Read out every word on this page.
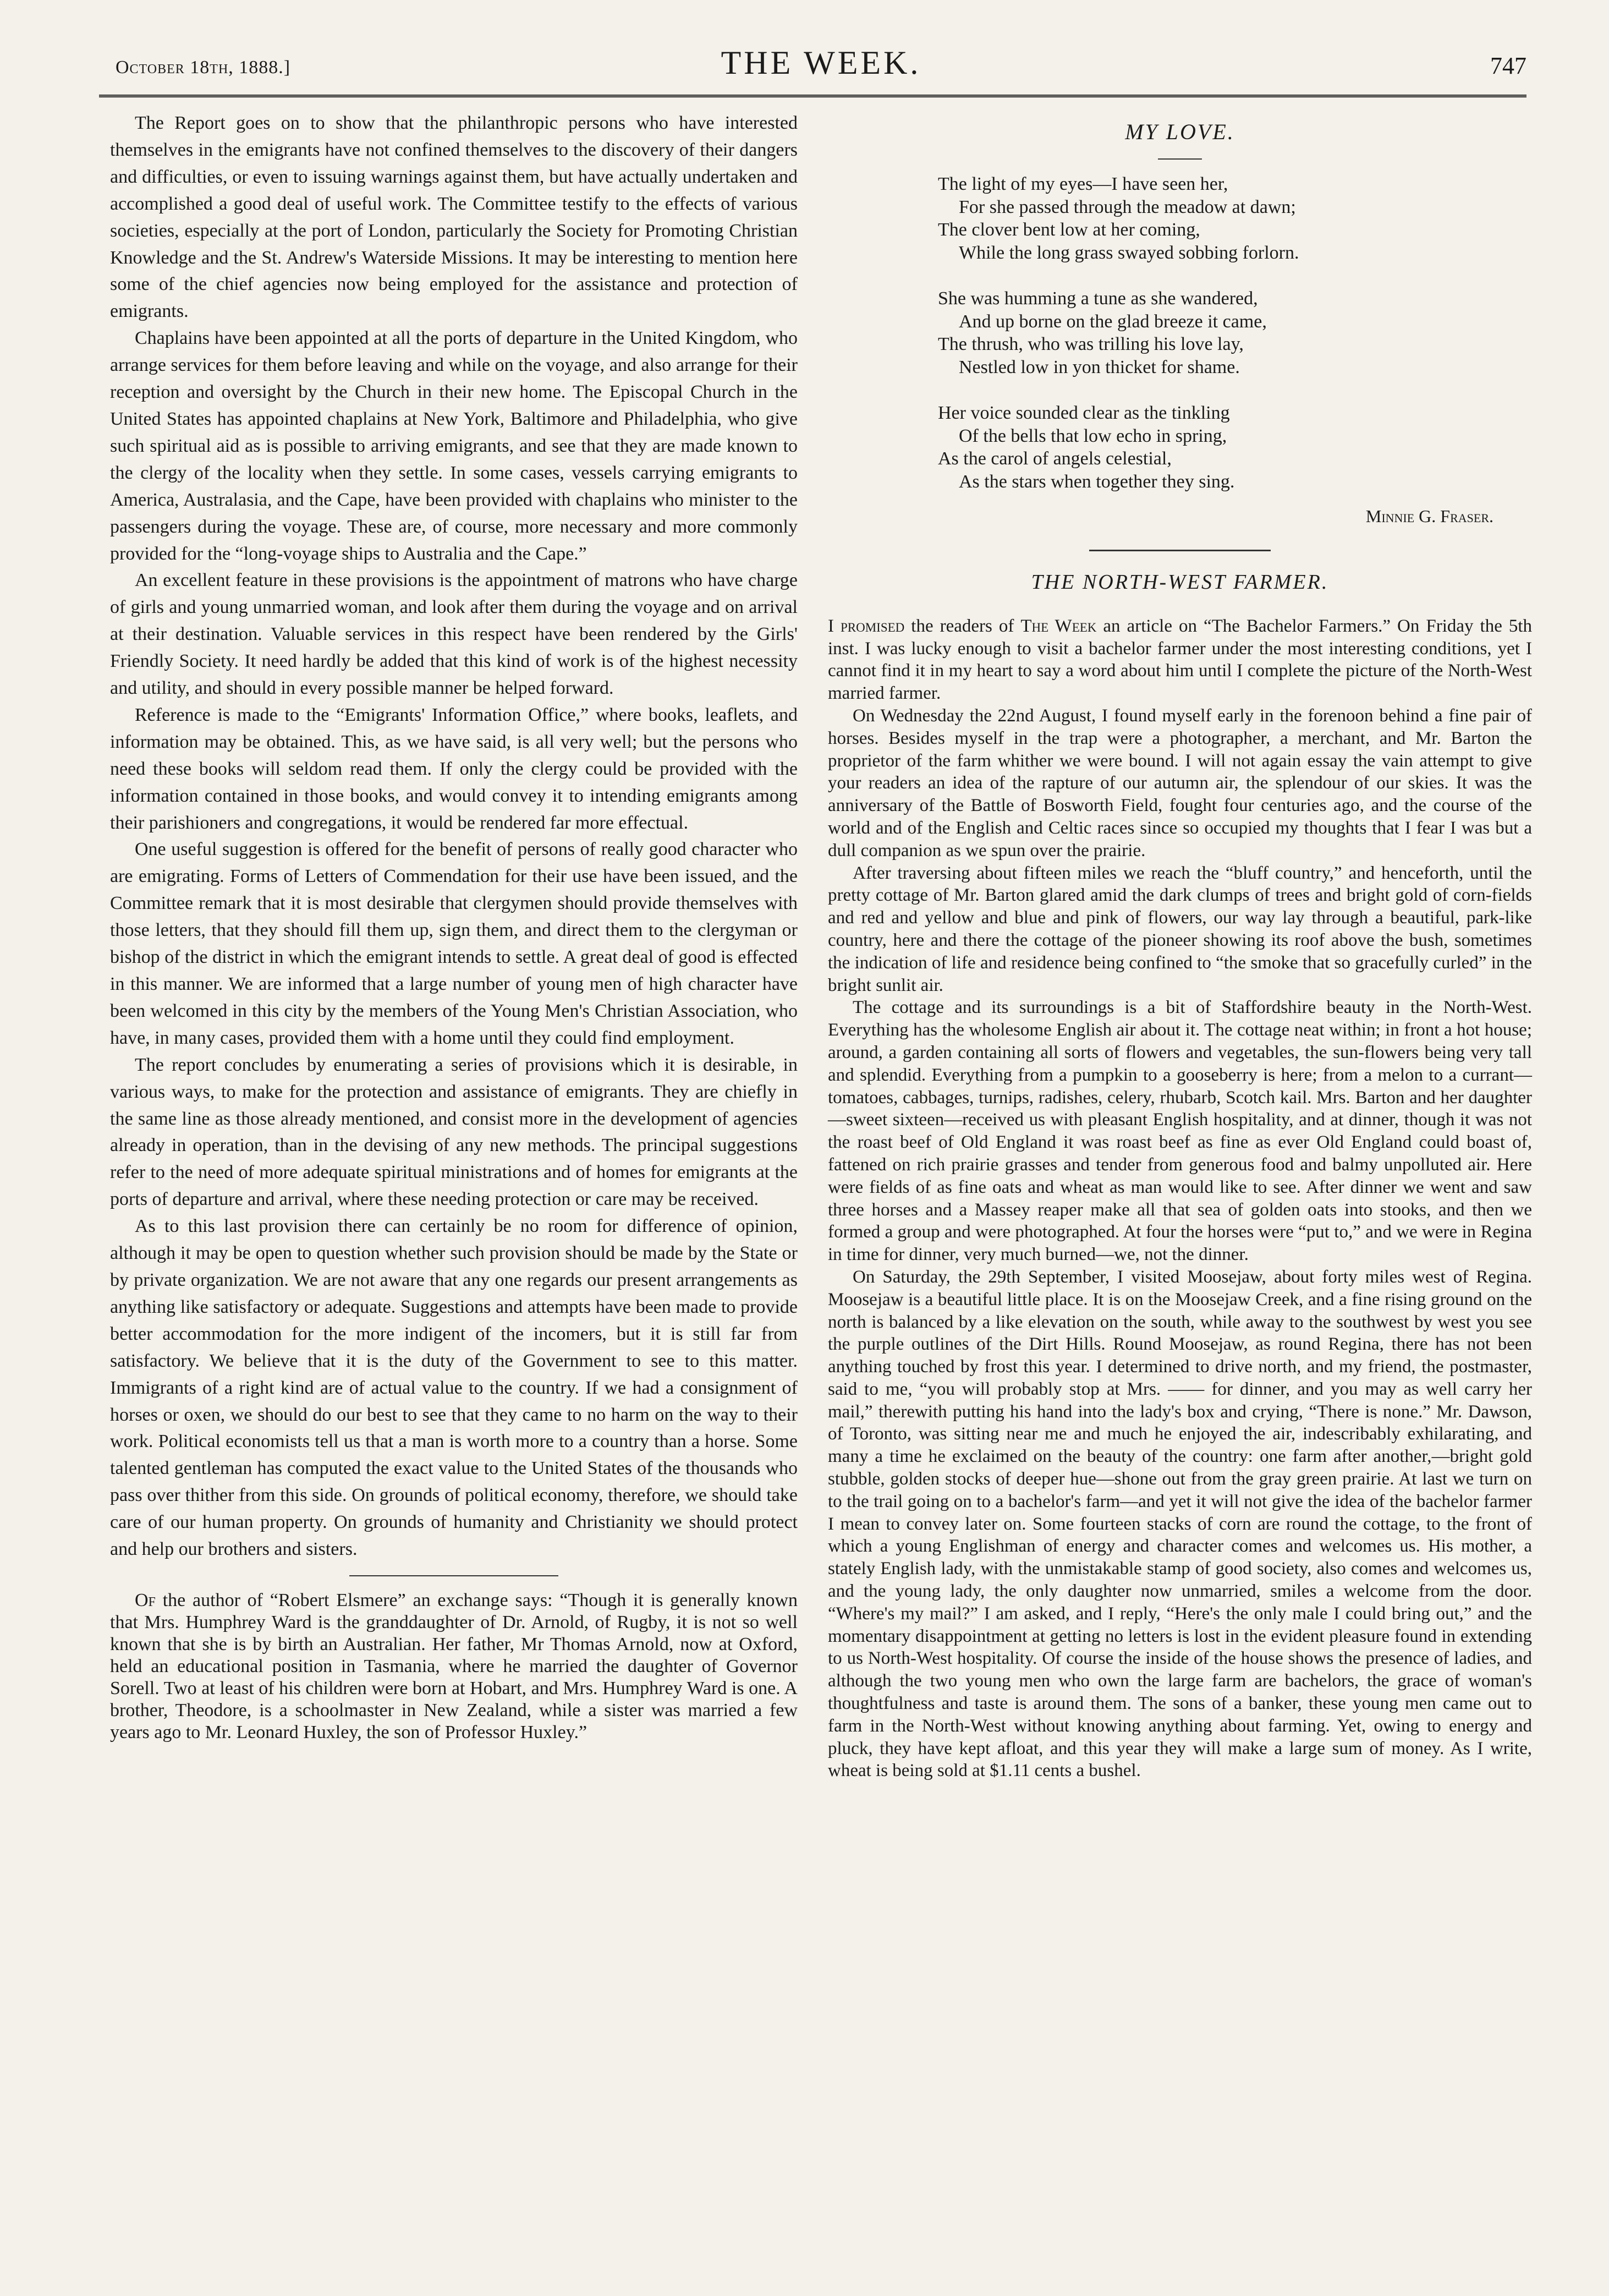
October 18th, 1888.]	THE WEEK.	747

The Report goes on to show that the philanthropic persons who have interested themselves in the emigrants have not confined themselves to the discovery of their dangers and difficulties, or even to issuing warnings against them, but have actually undertaken and accomplished a good deal of useful work. The Committee testify to the effects of various societies, especially at the port of London, particularly the Society for Promoting Christian Knowledge and the St. Andrew's Waterside Missions. It may be interesting to mention here some of the chief agencies now being employed for the assistance and protection of emigrants.

Chaplains have been appointed at all the ports of departure in the United Kingdom, who arrange services for them before leaving and while on the voyage, and also arrange for their reception and oversight by the Church in their new home. The Episcopal Church in the United States has appointed chaplains at New York, Baltimore and Philadelphia, who give such spiritual aid as is possible to arriving emigrants, and see that they are made known to the clergy of the locality when they settle. In some cases, vessels carrying emigrants to America, Australasia, and the Cape, have been provided with chaplains who minister to the passengers during the voyage. These are, of course, more necessary and more commonly provided for the “long-voyage ships to Australia and the Cape.”

An excellent feature in these provisions is the appointment of matrons who have charge of girls and young unmarried woman, and look after them during the voyage and on arrival at their destination. Valuable services in this respect have been rendered by the Girls' Friendly Society. It need hardly be added that this kind of work is of the highest necessity and utility, and should in every possible manner be helped forward.

Reference is made to the “Emigrants' Information Office,” where books, leaflets, and information may be obtained. This, as we have said, is all very well; but the persons who need these books will seldom read them. If only the clergy could be provided with the information contained in those books, and would convey it to intending emigrants among their parishioners and congregations, it would be rendered far more effectual.

One useful suggestion is offered for the benefit of persons of really good character who are emigrating. Forms of Letters of Commendation for their use have been issued, and the Committee remark that it is most desirable that clergymen should provide themselves with those letters, that they should fill them up, sign them, and direct them to the clergyman or bishop of the district in which the emigrant intends to settle. A great deal of good is effected in this manner. We are informed that a large number of young men of high character have been welcomed in this city by the members of the Young Men's Christian Association, who have, in many cases, provided them with a home until they could find employment.

The report concludes by enumerating a series of provisions which it is desirable, in various ways, to make for the protection and assistance of emigrants. They are chiefly in the same line as those already mentioned, and consist more in the development of agencies already in operation, than in the devising of any new methods. The principal suggestions refer to the need of more adequate spiritual ministrations and of homes for emigrants at the ports of departure and arrival, where these needing protection or care may be received.

As to this last provision there can certainly be no room for difference of opinion, although it may be open to question whether such provision should be made by the State or by private organization. We are not aware that any one regards our present arrangements as anything like satisfactory or adequate. Suggestions and attempts have been made to provide better accommodation for the more indigent of the incomers, but it is still far from satisfactory. We believe that it is the duty of the Government to see to this matter. Immigrants of a right kind are of actual value to the country. If we had a consignment of horses or oxen, we should do our best to see that they came to no harm on the way to their work. Political economists tell us that a man is worth more to a country than a horse. Some talented gentleman has computed the exact value to the United States of the thousands who pass over thither from this side. On grounds of political economy, therefore, we should take care of our human property. On grounds of humanity and Christianity we should protect and help our brothers and sisters.

Of the author of “Robert Elsmere” an exchange says: “Though it is generally known that Mrs. Humphrey Ward is the granddaughter of Dr. Arnold, of Rugby, it is not so well known that she is by birth an Australian. Her father, Mr Thomas Arnold, now at Oxford, held an educational position in Tasmania, where he married the daughter of Governor Sorell. Two at least of his children were born at Hobart, and Mrs. Humphrey Ward is one. A brother, Theodore, is a schoolmaster in New Zealand, while a sister was married a few years ago to Mr. Leonard Huxley, the son of Professor Huxley.”

MY LOVE.
The light of my eyes—I have seen her,
For she passed through the meadow at dawn;
The clover bent low at her coming,
While the long grass swayed sobbing forlorn.
She was humming a tune as she wandered,
And up borne on the glad breeze it came,
The thrush, who was trilling his love lay,
Nestled low in yon thicket for shame.
Her voice sounded clear as the tinkling
Of the bells that low echo in spring,
As the carol of angels celestial,
As the stars when together they sing.
Minnie G. Fraser.
THE NORTH-WEST FARMER.

I promised the readers of The Week an article on “The Bachelor Farmers.” On Friday the 5th inst. I was lucky enough to visit a bachelor farmer under the most interesting conditions, yet I cannot find it in my heart to say a word about him until I complete the picture of the North-West married farmer.

On Wednesday the 22nd August, I found myself early in the forenoon behind a fine pair of horses. Besides myself in the trap were a photographer, a merchant, and Mr. Barton the proprietor of the farm whither we were bound. I will not again essay the vain attempt to give your readers an idea of the rapture of our autumn air, the splendour of our skies. It was the anniversary of the Battle of Bosworth Field, fought four centuries ago, and the course of the world and of the English and Celtic races since so occupied my thoughts that I fear I was but a dull companion as we spun over the prairie.

After traversing about fifteen miles we reach the “bluff country,” and henceforth, until the pretty cottage of Mr. Barton glared amid the dark clumps of trees and bright gold of corn-fields and red and yellow and blue and pink of flowers, our way lay through a beautiful, park-like country, here and there the cottage of the pioneer showing its roof above the bush, sometimes the indication of life and residence being confined to “the smoke that so gracefully curled” in the bright sunlit air.

The cottage and its surroundings is a bit of Staffordshire beauty in the North-West. Everything has the wholesome English air about it. The cottage neat within; in front a hot house; around, a garden containing all sorts of flowers and vegetables, the sun-flowers being very tall and splendid. Everything from a pumpkin to a gooseberry is here; from a melon to a currant—tomatoes, cabbages, turnips, radishes, celery, rhubarb, Scotch kail. Mrs. Barton and her daughter—sweet sixteen—received us with pleasant English hospitality, and at dinner, though it was not the roast beef of Old England it was roast beef as fine as ever Old England could boast of, fattened on rich prairie grasses and tender from generous food and balmy unpolluted air. Here were fields of as fine oats and wheat as man would like to see. After dinner we went and saw three horses and a Massey reaper make all that sea of golden oats into stooks, and then we formed a group and were photographed. At four the horses were “put to,” and we were in Regina in time for dinner, very much burned—we, not the dinner.

On Saturday, the 29th September, I visited Moosejaw, about forty miles west of Regina. Moosejaw is a beautiful little place. It is on the Moosejaw Creek, and a fine rising ground on the north is balanced by a like elevation on the south, while away to the southwest by west you see the purple outlines of the Dirt Hills. Round Moosejaw, as round Regina, there has not been anything touched by frost this year. I determined to drive north, and my friend, the postmaster, said to me, “you will probably stop at Mrs. —— for dinner, and you may as well carry her mail,” therewith putting his hand into the lady's box and crying, “There is none.” Mr. Dawson, of Toronto, was sitting near me and much he enjoyed the air, indescribably exhilarating, and many a time he exclaimed on the beauty of the country: one farm after another,—bright gold stubble, golden stocks of deeper hue—shone out from the gray green prairie. At last we turn on to the trail going on to a bachelor's farm—and yet it will not give the idea of the bachelor farmer I mean to convey later on. Some fourteen stacks of corn are round the cottage, to the front of which a young Englishman of energy and character comes and welcomes us. His mother, a stately English lady, with the unmistakable stamp of good society, also comes and welcomes us, and the young lady, the only daughter now unmarried, smiles a welcome from the door. “Where's my mail?” I am asked, and I reply, “Here's the only male I could bring out,” and the momentary disappointment at getting no letters is lost in the evident pleasure found in extending to us North-West hospitality. Of course the inside of the house shows the presence of ladies, and although the two young men who own the large farm are bachelors, the grace of woman's thoughtfulness and taste is around them. The sons of a banker, these young men came out to farm in the North-West without knowing anything about farming. Yet, owing to energy and pluck, they have kept afloat, and this year they will make a large sum of money. As I write, wheat is being sold at $1.11 cents a bushel.
